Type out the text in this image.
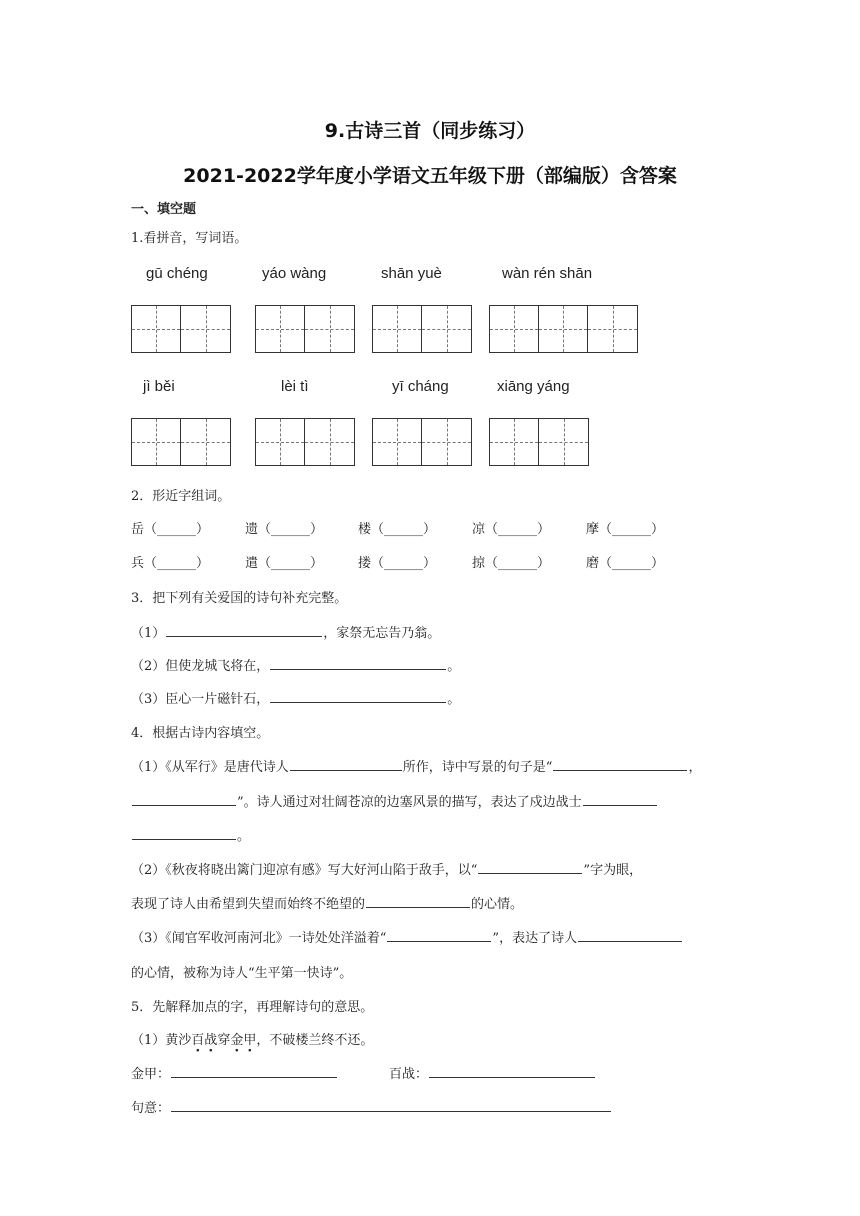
9.古诗三首（同步练习）
2021-2022学年度小学语文五年级下册（部编版）含答案
一、填空题
1.看拼音，写词语。
gū chéng	yáo wàng	shān yuè	wàn rén shān
jì běi	lèi tì	yī cháng	xiāng yáng
2．形近字组词。
岳（______）	遗（______）	楼（______）	凉（______）	摩（______）
兵（______）	遣（______）	搂（______）	掠（______）	磨（______）
3．把下列有关爱国的诗句补充完整。
（1）	，家祭无忘告乃翁。
（2）但使龙城飞将在，	。
（3）臣心一片磁针石，	。
4．根据古诗内容填空。
（1）《从军行》是唐代诗人	所作，诗中写景的句子是“	，
”。诗人通过对壮阔苍凉的边塞风景的描写，表达了戍边战士
。
（2）《秋夜将晓出篱门迎凉有感》写大好河山陷于敌手，以“	”字为眼，
表现了诗人由希望到失望而始终不绝望的	的心情。
（3）《闻官军收河南河北》一诗处处洋溢着“	”，表达了诗人
的心情，被称为诗人“生平第一快诗”。
5．先解释加点的字，再理解诗句的意思。
（1）黄沙百战穿金甲，不破楼兰终不还。
金甲：	百战：
句意：
